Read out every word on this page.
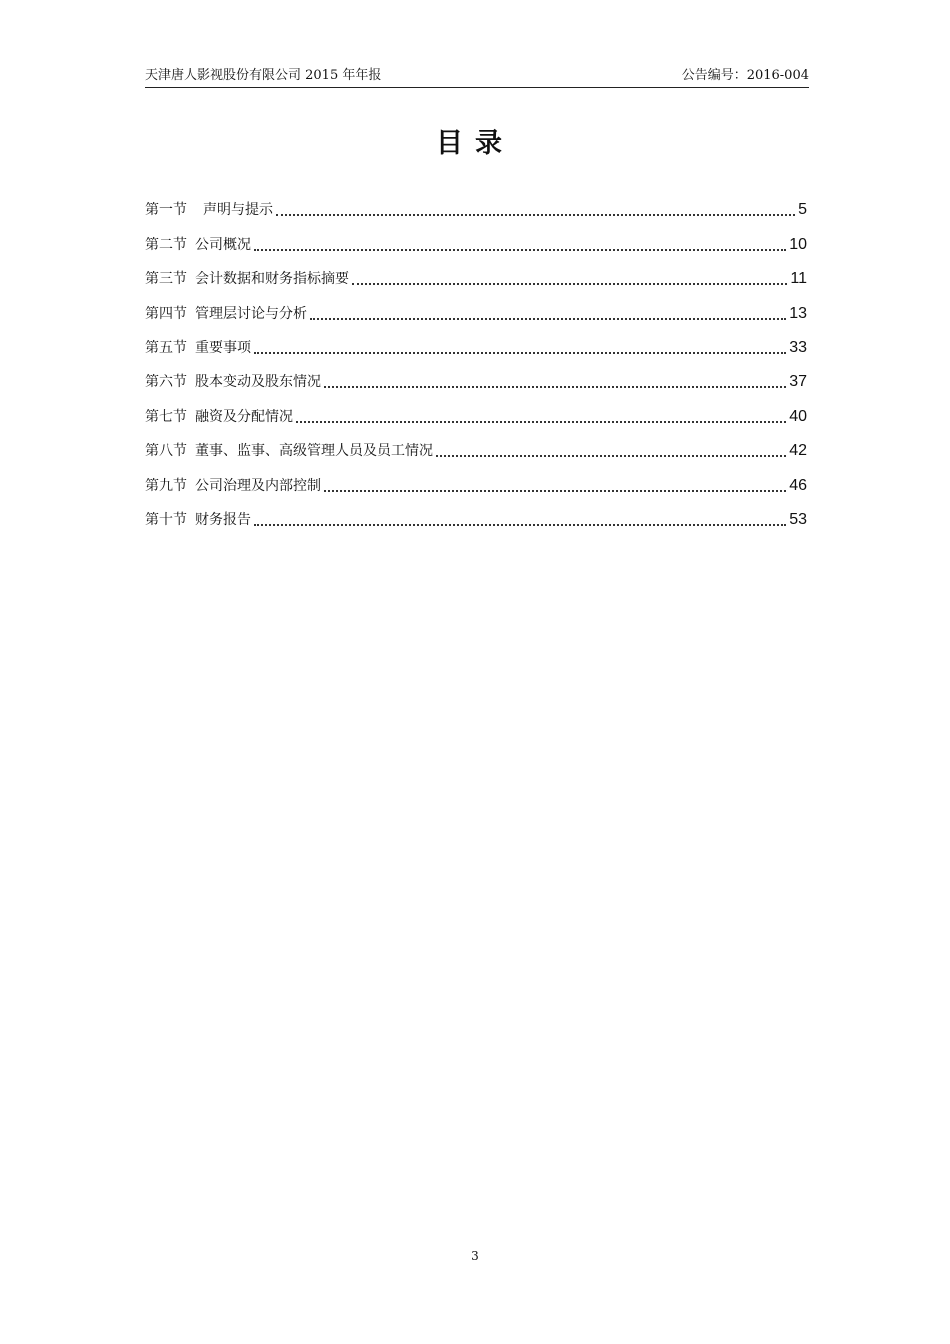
天津唐人影视股份有限公司 2015 年年报	公告编号：2016-004
目录
第一节 声明与提示	5
第二节 公司概况	10
第三节 会计数据和财务指标摘要	11
第四节 管理层讨论与分析	13
第五节 重要事项	33
第六节 股本变动及股东情况	37
第七节 融资及分配情况	40
第八节 董事、监事、高级管理人员及员工情况	42
第九节 公司治理及内部控制	46
第十节 财务报告	53
3
